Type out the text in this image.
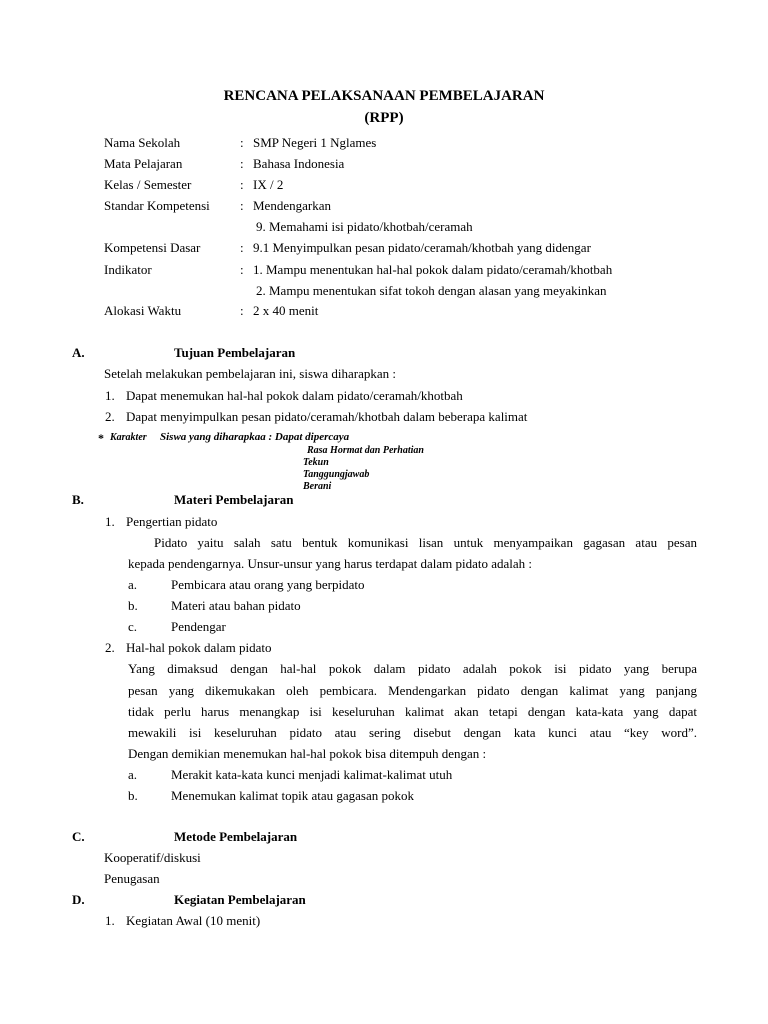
RENCANA PELAKSANAAN PEMBELAJARAN
(RPP)
Nama Sekolah	: SMP Negeri 1 Nglames
Mata Pelajaran	: Bahasa Indonesia
Kelas / Semester	: IX / 2
Standar Kompetensi : Mendengarkan
9. Memahami isi pidato/khotbah/ceramah
Kompetensi Dasar	: 9.1 Menyimpulkan pesan pidato/ceramah/khotbah yang didengar
Indikator	: 1. Mampu menentukan hal-hal pokok dalam pidato/ceramah/khotbah
2. Mampu menentukan sifat tokoh dengan alasan yang meyakinkan
Alokasi Waktu	: 2 x 40 menit
A.	Tujuan Pembelajaran
Setelah melakukan pembelajaran ini, siswa diharapkan :
1. Dapat menemukan hal-hal pokok dalam pidato/ceramah/khotbah
2. Dapat menyimpulkan pesan pidato/ceramah/khotbah dalam beberapa kalimat
* Karakter Siswa yang diharapkaa : Dapat dipercaya
Rasa Hormat dan Perhatian
Tekun
Tanggungjawab
Berani
B.	Materi Pembelajaran
1. Pengertian pidato
Pidato yaitu salah satu bentuk komunikasi lisan untuk menyampaikan gagasan atau pesan
kepada pendengarnya. Unsur-unsur yang harus terdapat dalam pidato adalah :
a.	Pembicara atau orang yang berpidato
b.	Materi atau bahan pidato
c.	Pendengar
2. Hal-hal pokok dalam pidato
Yang dimaksud dengan hal-hal pokok dalam pidato adalah pokok isi pidato yang berupa
pesan yang dikemukakan oleh pembicara. Mendengarkan pidato dengan kalimat yang panjang
tidak perlu harus menangkap isi keseluruhan kalimat akan tetapi dengan kata-kata yang dapat
mewakili isi keseluruhan pidato atau sering disebut dengan kata kunci atau “key word”.
Dengan demikian menemukan hal-hal pokok bisa ditempuh dengan :
a.	Merakit kata-kata kunci menjadi kalimat-kalimat utuh
b.	Menemukan kalimat topik atau gagasan pokok
C.	Metode Pembelajaran
Kooperatif/diskusi
Penugasan
D.	Kegiatan Pembelajaran
1. Kegiatan Awal (10 menit)
